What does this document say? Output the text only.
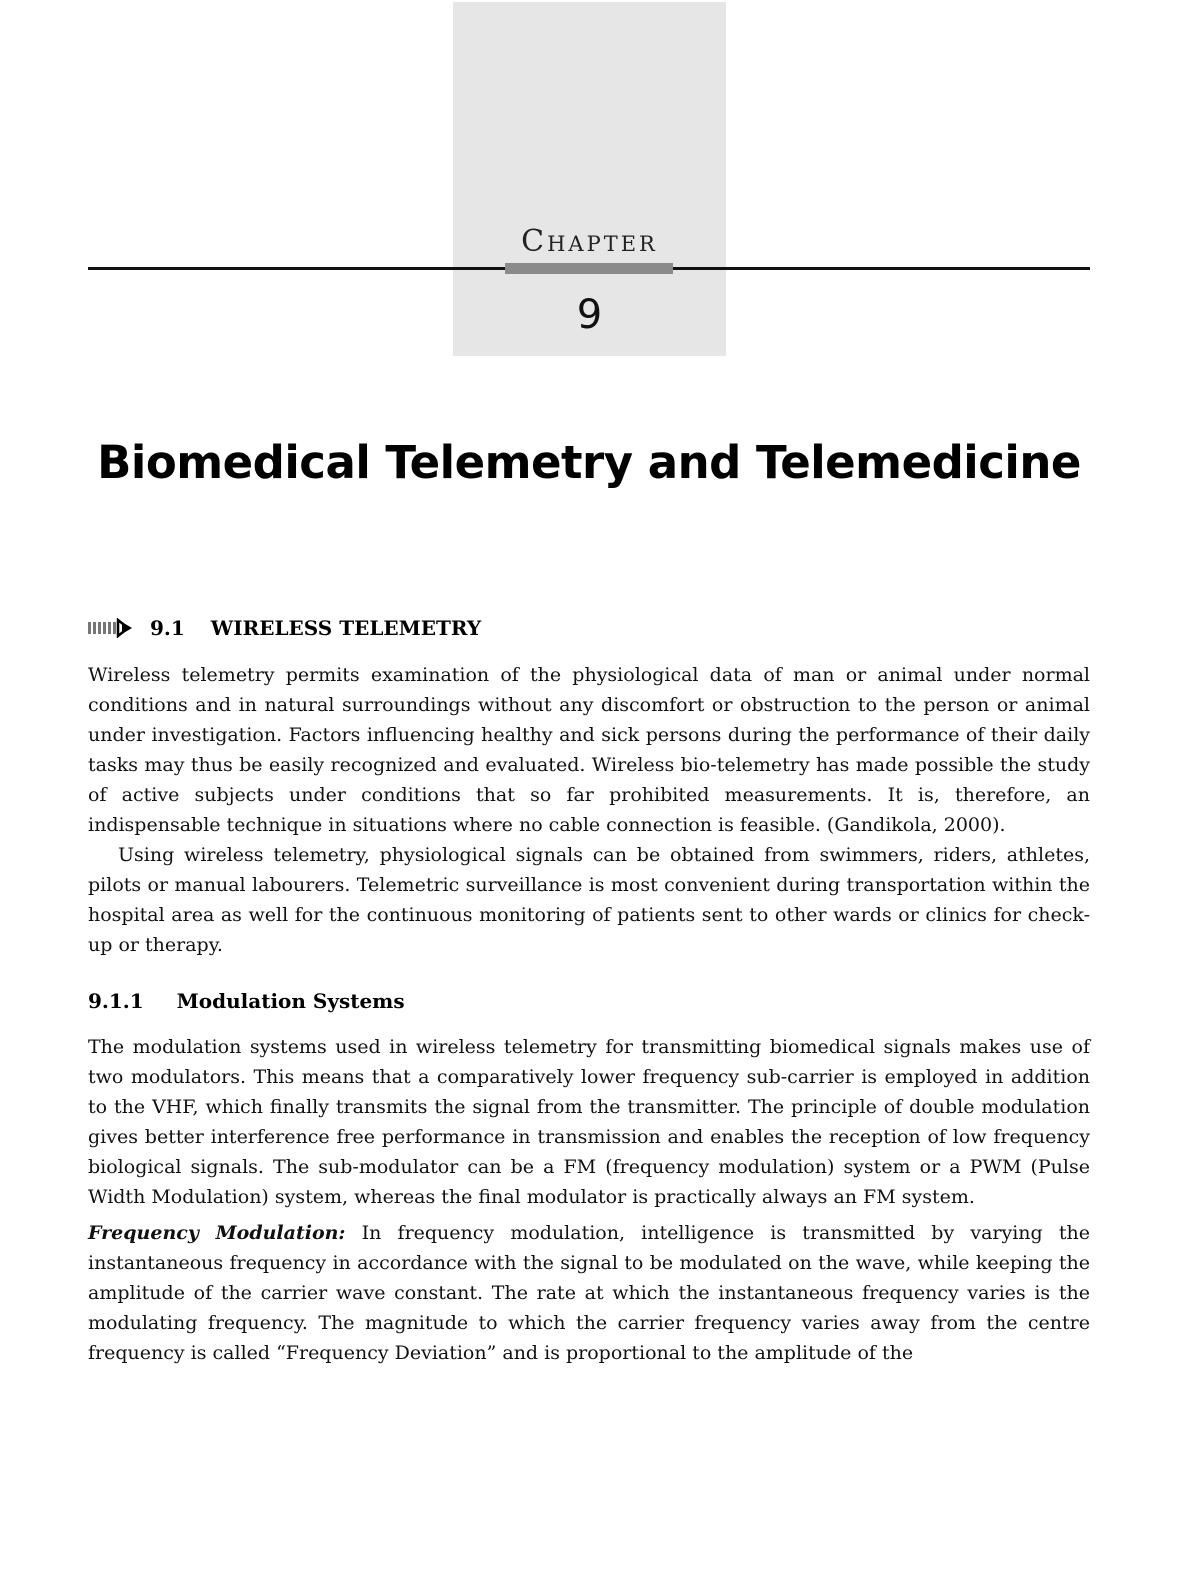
Chapter
9
Biomedical Telemetry and Telemedicine
9.1 WIRELESS TELEMETRY

Wireless telemetry permits examination of the physiological data of man or animal under normal conditions and in natural surroundings without any discomfort or obstruction to the person or animal under investigation. Factors influencing healthy and sick persons during the performance of their daily tasks may thus be easily recognized and evaluated. Wireless bio-telemetry has made possible the study of active subjects under conditions that so far prohibited measurements. It is, therefore, an indispensable technique in situations where no cable connection is feasible. (Gandikola, 2000).

Using wireless telemetry, physiological signals can be obtained from swimmers, riders, athletes, pilots or manual labourers. Telemetric surveillance is most convenient during transportation within the hospital area as well for the continuous monitoring of patients sent to other wards or clinics for check-up or therapy.

9.1.1 Modulation Systems

The modulation systems used in wireless telemetry for transmitting biomedical signals makes use of two modulators. This means that a comparatively lower frequency sub-carrier is employed in addition to the VHF, which finally transmits the signal from the transmitter. The principle of double modulation gives better interference free performance in transmission and enables the reception of low frequency biological signals. The sub-modulator can be a FM (frequency modulation) system or a PWM (Pulse Width Modulation) system, whereas the final modulator is practically always an FM system.

Frequency Modulation: In frequency modulation, intelligence is transmitted by varying the instantaneous frequency in accordance with the signal to be modulated on the wave, while keeping the amplitude of the carrier wave constant. The rate at which the instantaneous frequency varies is the modulating frequency. The magnitude to which the carrier frequency varies away from the centre frequency is called “Frequency Deviation” and is proportional to the amplitude of the
